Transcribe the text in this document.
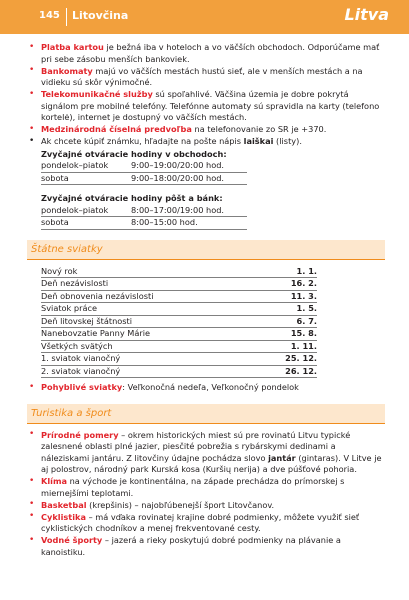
145 Litovčina	Litva
• Platba kartou je bežná iba v hoteloch a vo väčších obchodoch. Odporúčame mať pri sebe zásobu menších bankoviek.
• Bankomaty majú vo väčších mestách hustú sieť, ale v menších mestách a na vidieku sú skôr výnimočné.
• Telekomunikačné služby sú spoľahlivé. Väčšina územia je dobre pokrytá signálom pre mobilné telefóny. Telefónne automaty sú spravidla na karty (telefono kortelė), internet je dostupný vo väčších mestách.
• Medzinárodná číselná predvoľba na telefonovanie zo SR je +370.
• Ak chcete kúpiť známku, hľadajte na pošte nápis laiškai (listy).
Zvyčajné otváracie hodiny v obchodoch:
pondelok–piatok	9:00–19:00/20:00 hod.
sobota	9:00–18:00/20:00 hod.
Zvyčajné otváracie hodiny pôšt a bánk:
pondelok–piatok	8:00–17:00/19:00 hod.
sobota	8:00–15:00 hod.
Štátne sviatky
Nový rok	1. 1.
Deň nezávislosti	16. 2.
Deň obnovenia nezávislosti	11. 3.
Sviatok práce	1. 5.
Deň litovskej štátnosti	6. 7.
Nanebovzatie Panny Márie	15. 8.
Všetkých svätých	1. 11.
1. sviatok vianočný	25. 12.
2. sviatok vianočný	26. 12.
• Pohyblivé sviatky: Veľkonočná nedeľa, Veľkonočný pondelok
Turistika a šport
• Prírodné pomery – okrem historických miest sú pre rovinatú Litvu typické zalesnené oblasti plné jazier, piesčité pobrežia s rybárskymi dedinami a náleziskami jantáru. Z litovčiny údajne pochádza slovo jantár (gintaras). V Litve je aj polostrov, národný park Kurská kosa (Kuršių nerija) a dve púšťové pohoria.
• Klíma na východe je kontinentálna, na západe prechádza do prímorskej s miernejšími teplotami.
• Basketbal (krepšinis) – najobľúbenejší šport Litovčanov.
• Cyklistika – má vďaka rovinatej krajine dobré podmienky, môžete využiť sieť cyklistických chodníkov a menej frekventované cesty.
• Vodné športy – jazerá a rieky poskytujú dobré podmienky na plávanie a kanoistiku.
